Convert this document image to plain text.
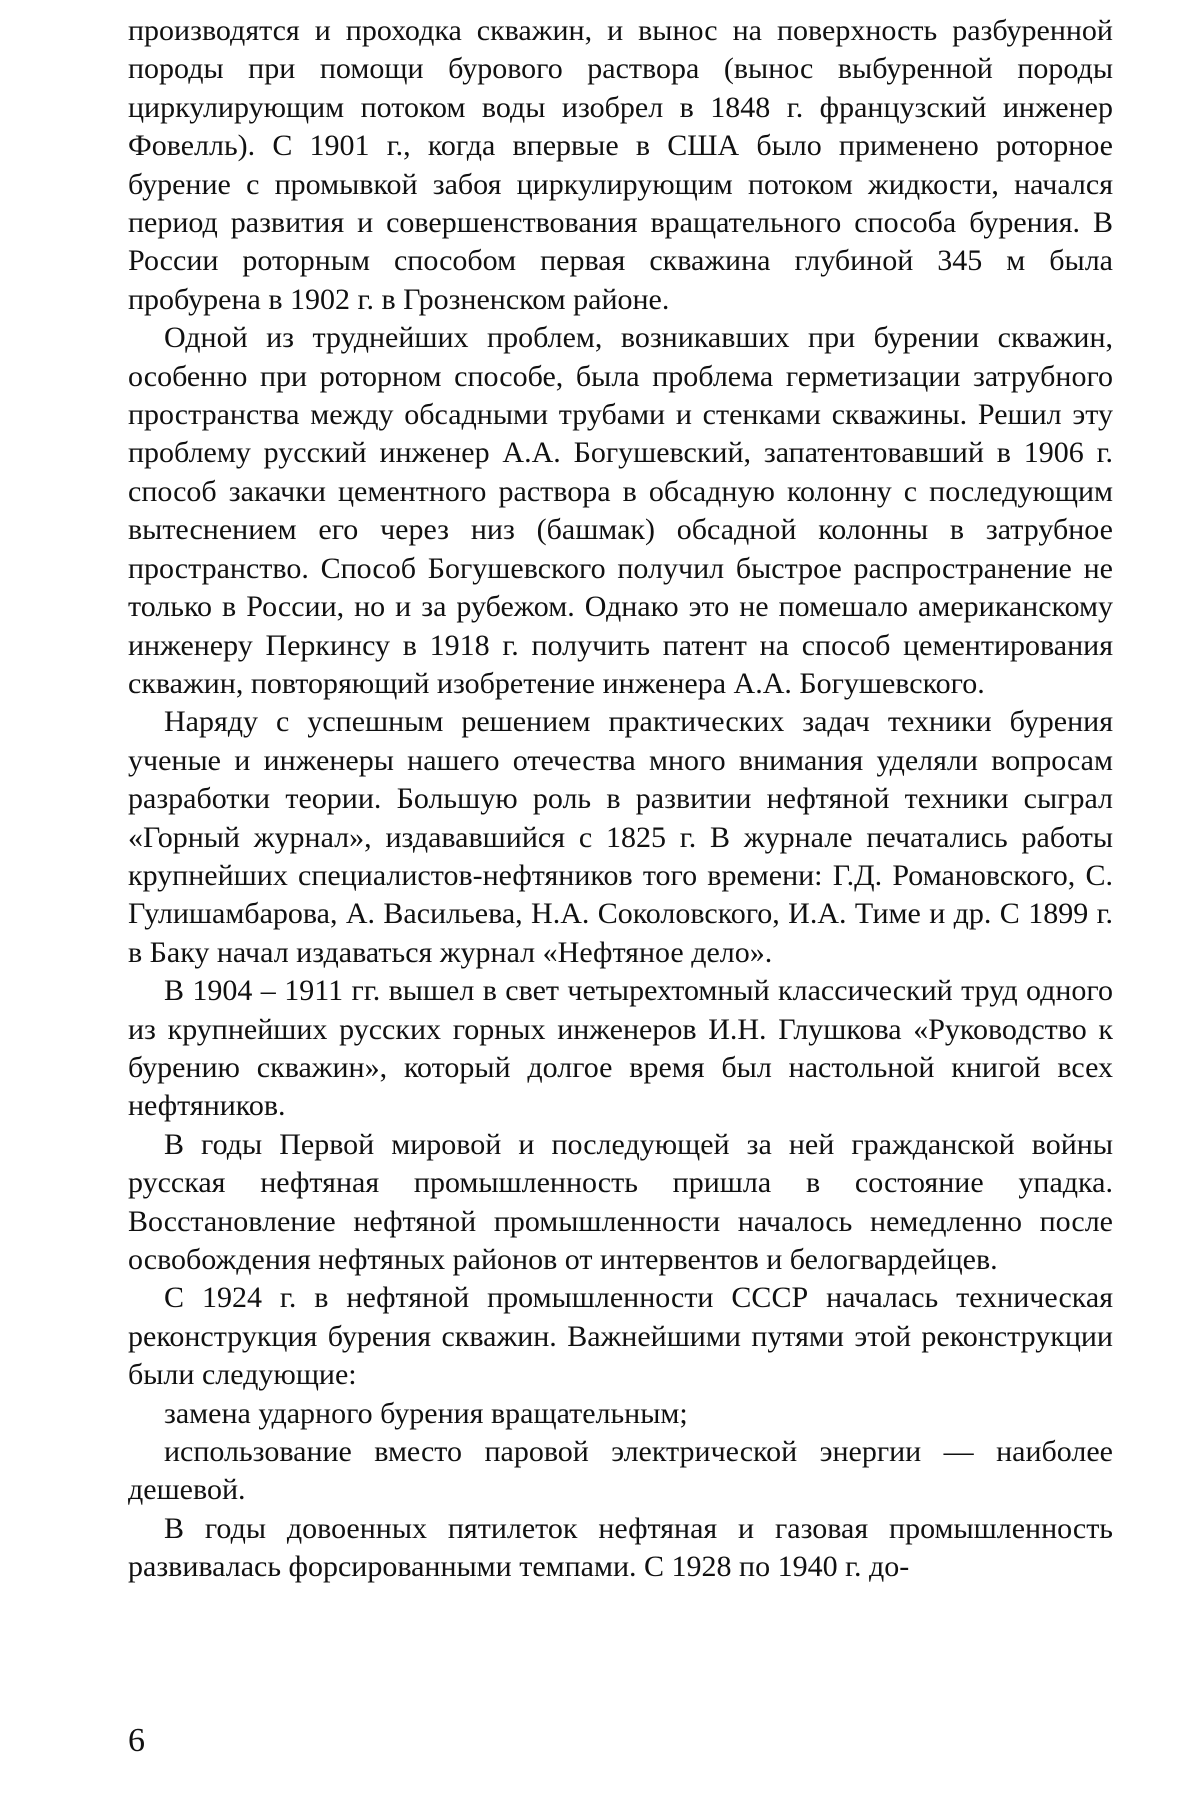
производятся и проходка скважин, и вынос на поверхность разбуренной породы при помощи бурового раствора (вынос выбуренной породы циркулирующим потоком воды изобрел в 1848 г. французский инженер Фовелль). С 1901 г., когда впервые в США было применено роторное бурение с промывкой забоя циркулирующим потоком жидкости, начался период развития и совершенствования вращательного способа бурения. В России роторным способом первая скважина глубиной 345 м была пробурена в 1902 г. в Грозненском районе.

Одной из труднейших проблем, возникавших при бурении скважин, особенно при роторном способе, была проблема герметизации затрубного пространства между обсадными трубами и стенками скважины. Решил эту проблему русский инженер А.А. Богушевский, запатентовавший в 1906 г. способ закачки цементного раствора в обсадную колонну с последующим вытеснением его через низ (башмак) обсадной колонны в затрубное пространство. Способ Богушевского получил быстрое распространение не только в России, но и за рубежом. Однако это не помешало американскому инженеру Перкинсу в 1918 г. получить патент на способ цементирования скважин, повторяющий изобретение инженера А.А. Богушевского.

Наряду с успешным решением практических задач техники бурения ученые и инженеры нашего отечества много внимания уделяли вопросам разработки теории. Большую роль в развитии нефтяной техники сыграл «Горный журнал», издававшийся с 1825 г. В журнале печатались работы крупнейших специалистов-нефтяников того времени: Г.Д. Романовского, С. Гулишамбарова, А. Васильева, Н.А. Соколовского, И.А. Тиме и др. С 1899 г. в Баку начал издаваться журнал «Нефтяное дело».

В 1904 – 1911 гг. вышел в свет четырехтомный классический труд одного из крупнейших русских горных инженеров И.Н. Глушкова «Руководство к бурению скважин», который долгое время был настольной книгой всех нефтяников.

В годы Первой мировой и последующей за ней гражданской войны русская нефтяная промышленность пришла в состояние упадка. Восстановление нефтяной промышленности началось немедленно после освобождения нефтяных районов от интервентов и белогвардейцев.

С 1924 г. в нефтяной промышленности СССР началась техническая реконструкция бурения скважин. Важнейшими путями этой реконструкции были следующие:

замена ударного бурения вращательным;

использование вместо паровой электрической энергии — наиболее дешевой.

В годы довоенных пятилеток нефтяная и газовая промышленность развивалась форсированными темпами. С 1928 по 1940 г. до-

6
